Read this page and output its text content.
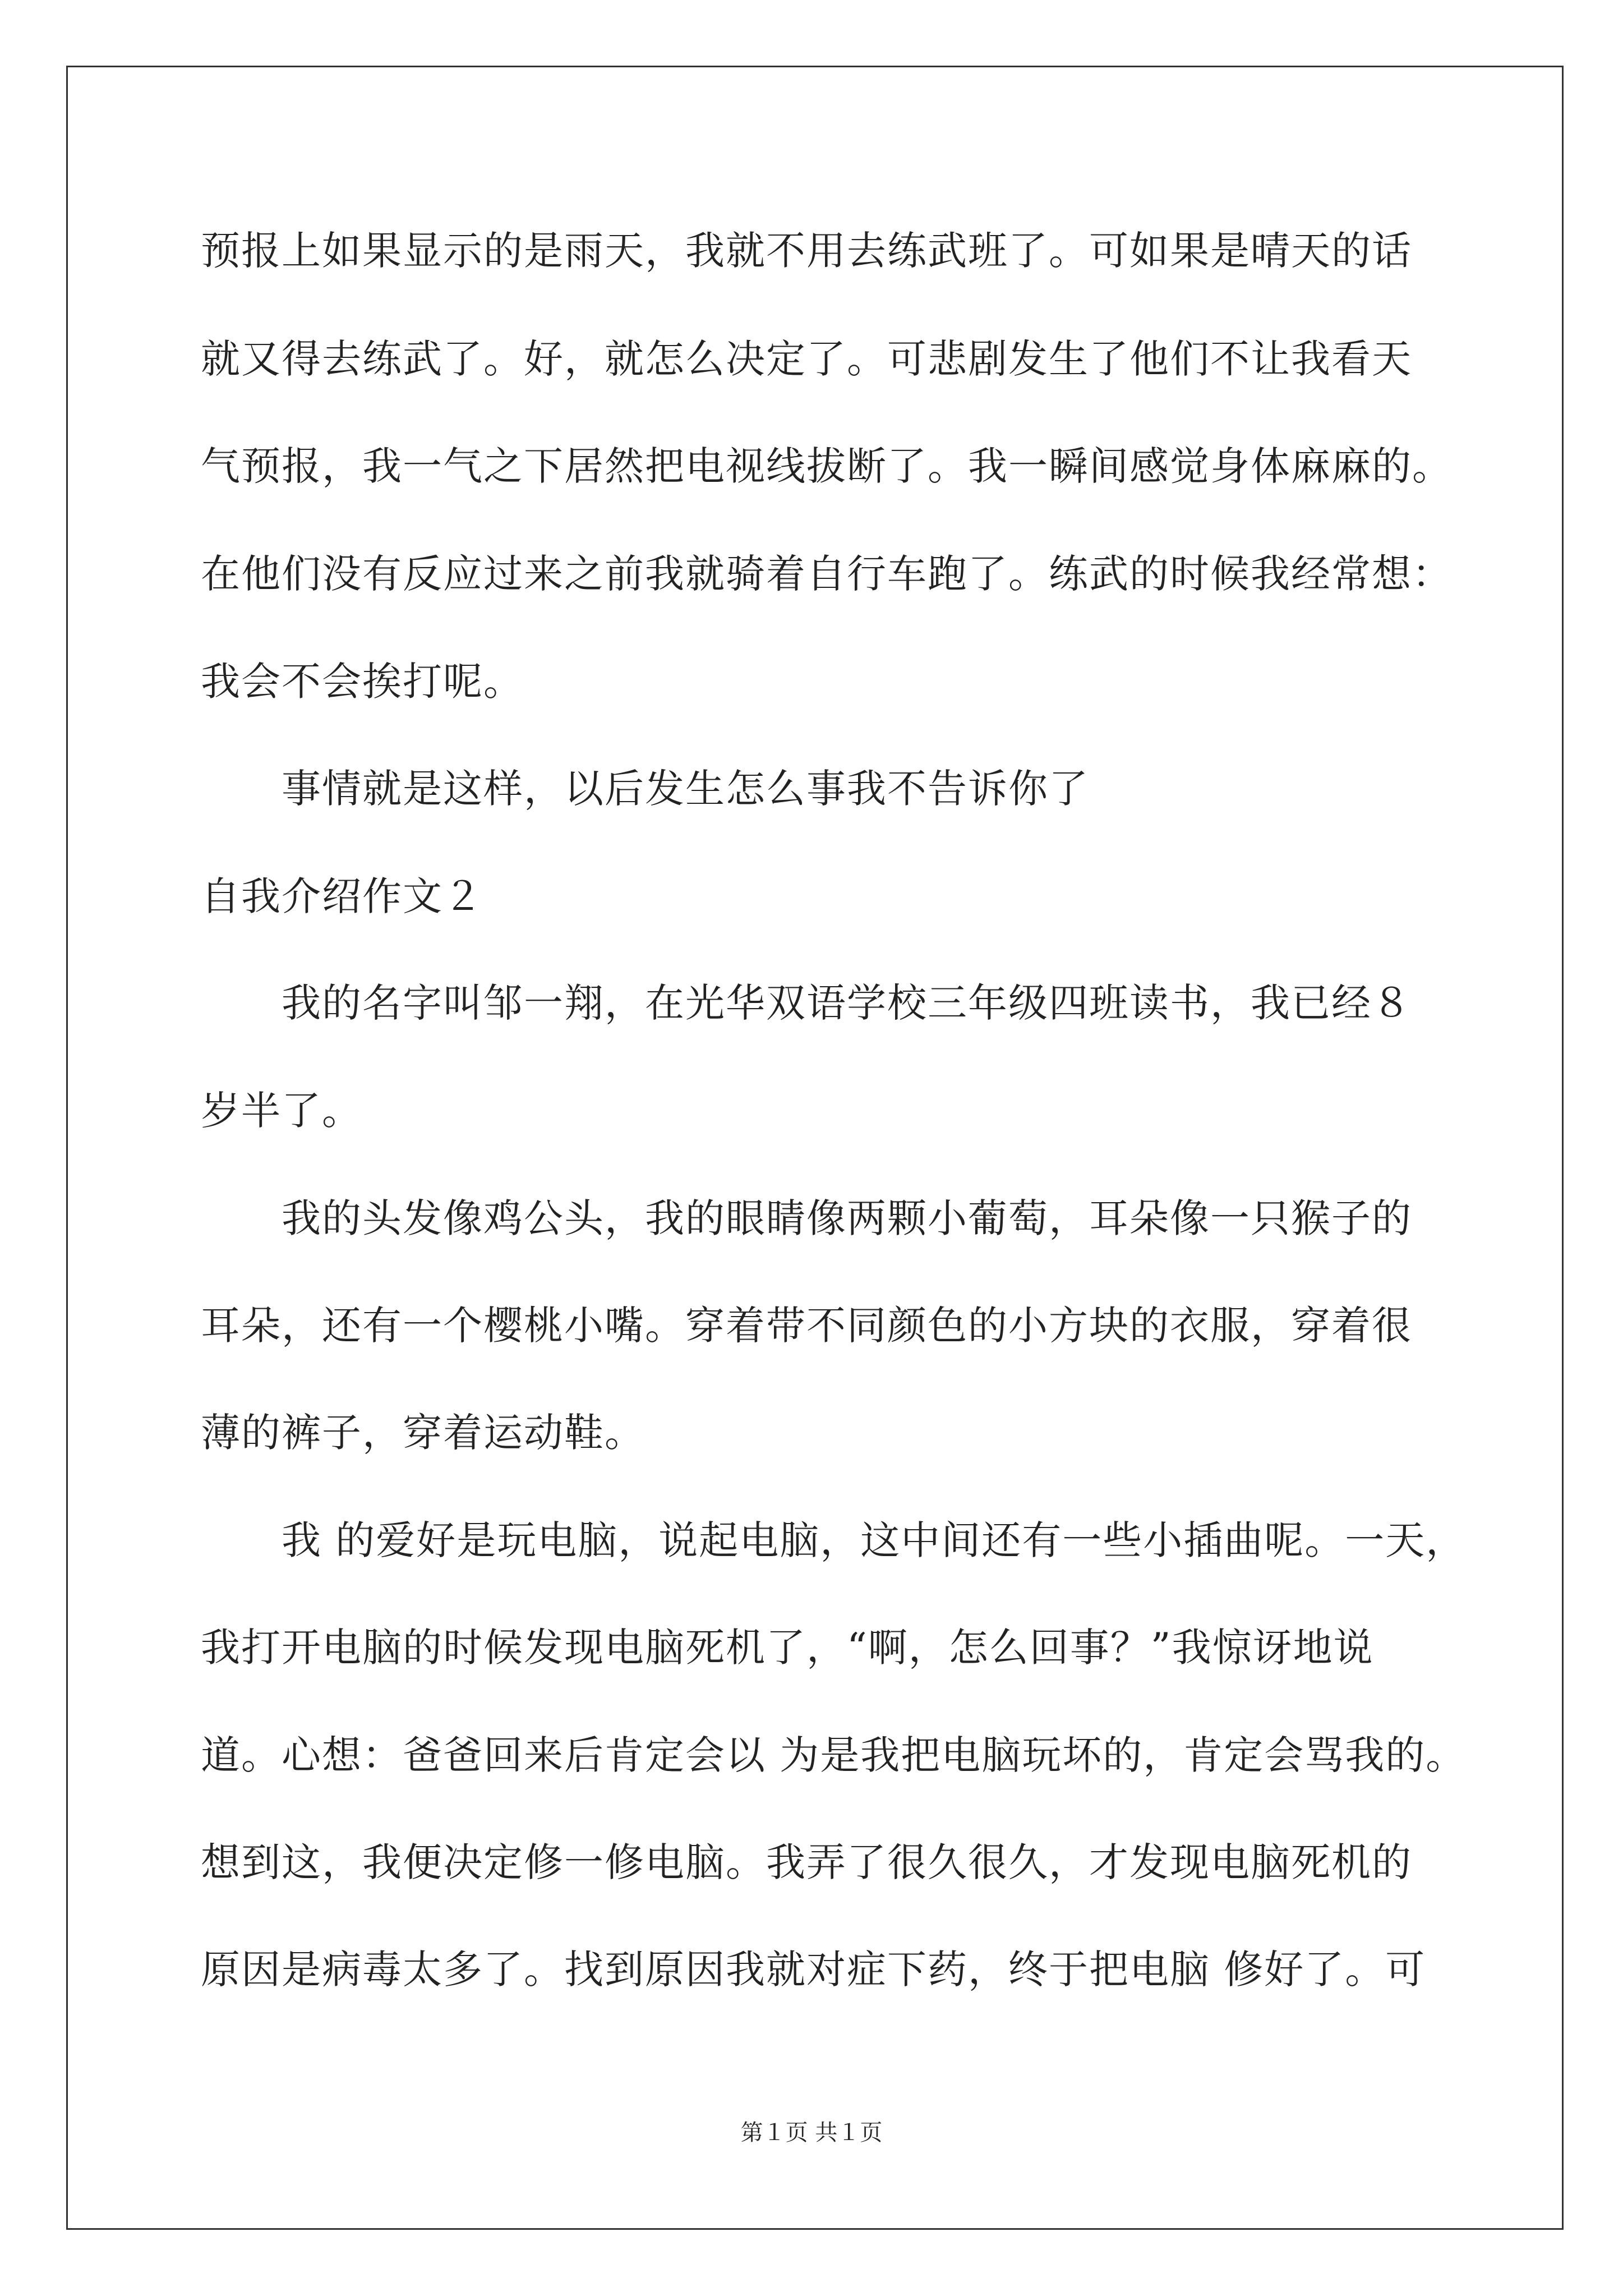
预报上如果显示的是雨天，我就不用去练武班了。可如果是晴天的话
就又得去练武了。好，就怎么决定了。可悲剧发生了他们不让我看天
气预报，我一气之下居然把电视线拔断了。我一瞬间感觉身体麻麻的。
在他们没有反应过来之前我就骑着自行车跑了。练武的时候我经常想：
我会不会挨打呢。
事情就是这样，以后发生怎么事我不告诉你了
自我介绍作文２
我的名字叫邹一翔，在光华双语学校三年级四班读书，我已经８
岁半了。
我的头发像鸡公头，我的眼睛像两颗小葡萄，耳朵像一只猴子的
耳朵，还有一个樱桃小嘴。穿着带不同颜色的小方块的衣服，穿着很
薄的裤子，穿着运动鞋。
我 的爱好是玩电脑，说起电脑，这中间还有一些小插曲呢。一天，
我打开电脑的时候发现电脑死机了，“啊，怎么回事？”我惊讶地说
道。心想：爸爸回来后肯定会以 为是我把电脑玩坏的，肯定会骂我的。
想到这，我便决定修一修电脑。我弄了很久很久，才发现电脑死机的
原因是病毒太多了。找到原因我就对症下药，终于把电脑 修好了。可
第１页 共１页
